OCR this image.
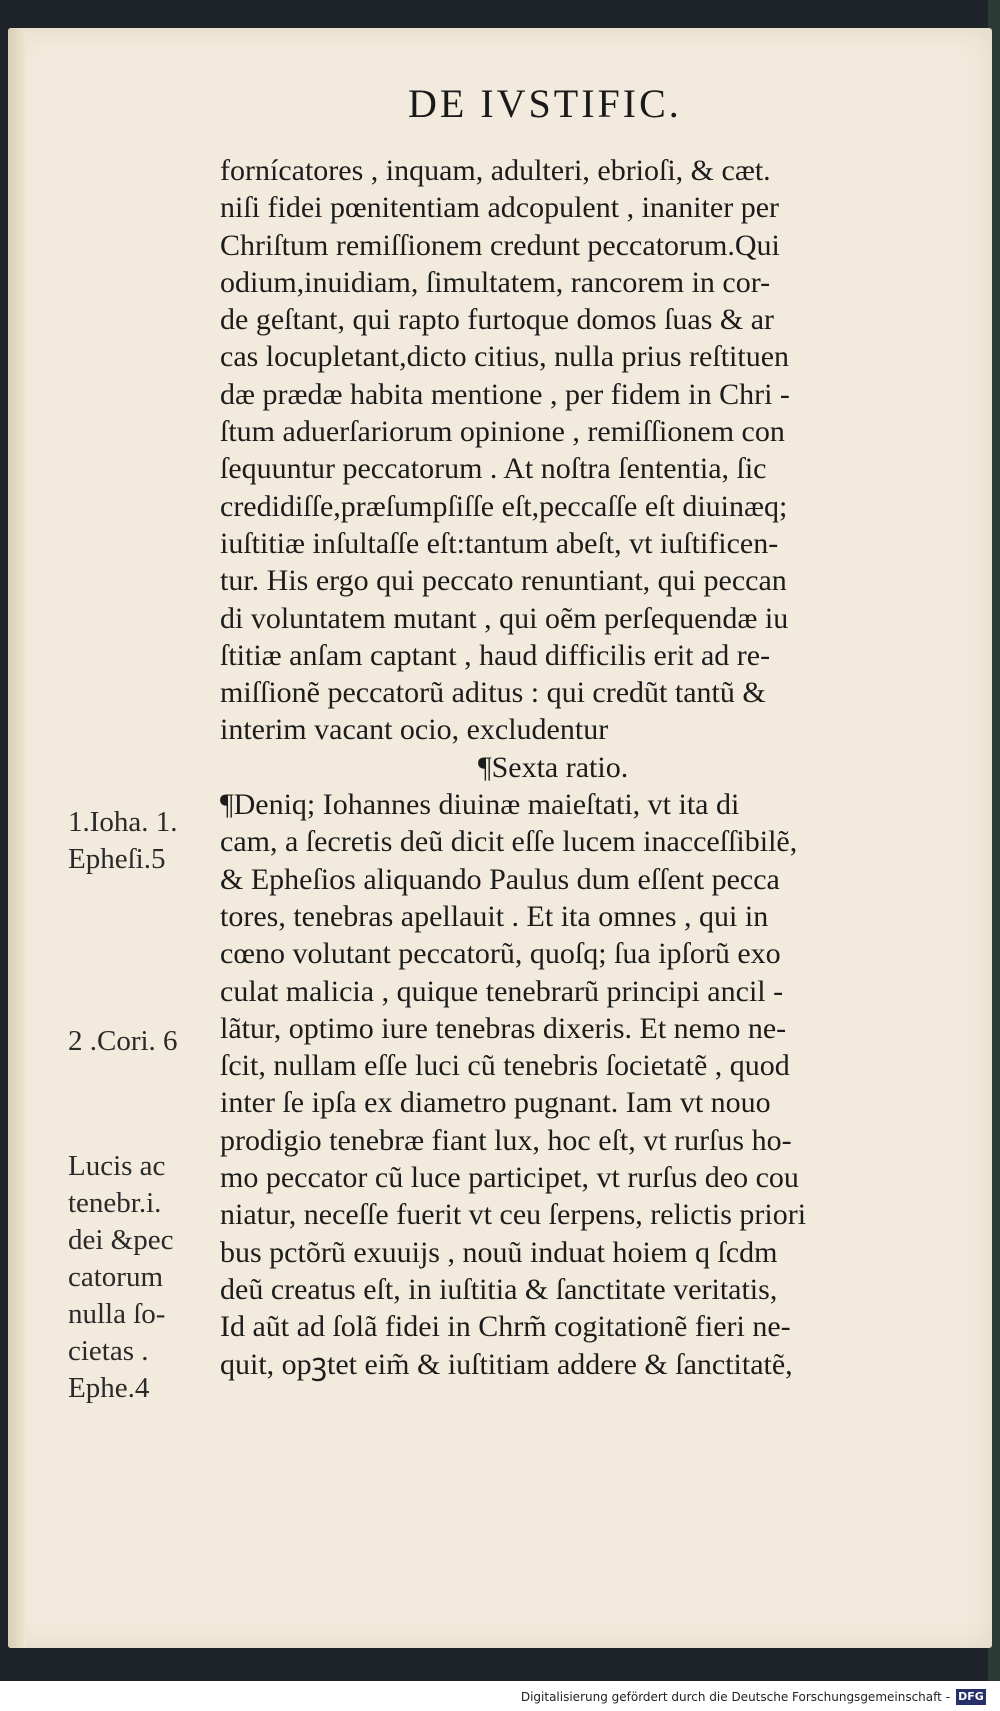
DE IVSTIFIC.
fornícatores , inquam, adulteri, ebrioſi, & cæt.
niſi fidei pœnitentiam adcopulent , inaniter per
Chriſtum remiſſionem credunt peccatorum.Qui
odium,inuidiam, ſimultatem, rancorem in cor-
de geſtant, qui rapto furtoque domos ſuas & ar
cas locupletant,dicto citius, nulla prius reſtituen
dæ prædæ habita mentione , per fidem in Chri -
ſtum aduerſariorum opinione , remiſſionem con
ſequuntur peccatorum . At noſtra ſententia, ſic
credidiſſe,præſumpſiſſe eſt,peccaſſe eſt diuinæq;
iuſtitiæ inſultaſſe eſt:tantum abeſt, vt iuſtificen-
tur. His ergo qui peccato renuntiant, qui peccan
di voluntatem mutant , qui oẽm perſequendæ iu
ſtitiæ anſam captant , haud difficilis erit ad re-
miſſionẽ peccatorũ aditus : qui credũt tantũ &
interim vacant ocio, excludentur
¶Sexta ratio.
¶Deniq; Iohannes diuinæ maieſtati, vt ita di
cam, a ſecretis deũ dicit eſſe lucem inacceſſibilẽ,
& Epheſios aliquando Paulus dum eſſent pecca
tores, tenebras apellauit . Et ita omnes , qui in
cœno volutant peccatorũ, quoſq; ſua ipſorũ exo
culat malicia , quique tenebrarũ principi ancil -
lãtur, optimo iure tenebras dixeris. Et nemo ne-
ſcit, nullam eſſe luci cũ tenebris ſocietatẽ , quod
inter ſe ipſa ex diametro pugnant. Iam vt nouo
prodigio tenebræ fiant lux, hoc eſt, vt rurſus ho-
mo peccator cũ luce participet, vt rurſus deo cou
niatur, neceſſe fuerit vt ceu ſerpens, relictis priori
bus pctõrũ exuuijs , nouũ induat hoiem q ſcdm
deũ creatus eſt, in iuſtitia & ſanctitate veritatis,
Id aũt ad ſolã fidei in Chrm̃ cogitationẽ fieri ne-
quit, opꝫtet eim̃ & iuſtitiam addere & ſanctitatẽ,
1.Ioha. 1.
Epheſi.5
2 .Cori. 6
Lucis ac
tenebr.i.
dei &pec
catorum
nulla ſo-
cietas .
Ephe.4
Digitalisierung gefördert durch die Deutsche Forschungsgemeinschaft - DFG
